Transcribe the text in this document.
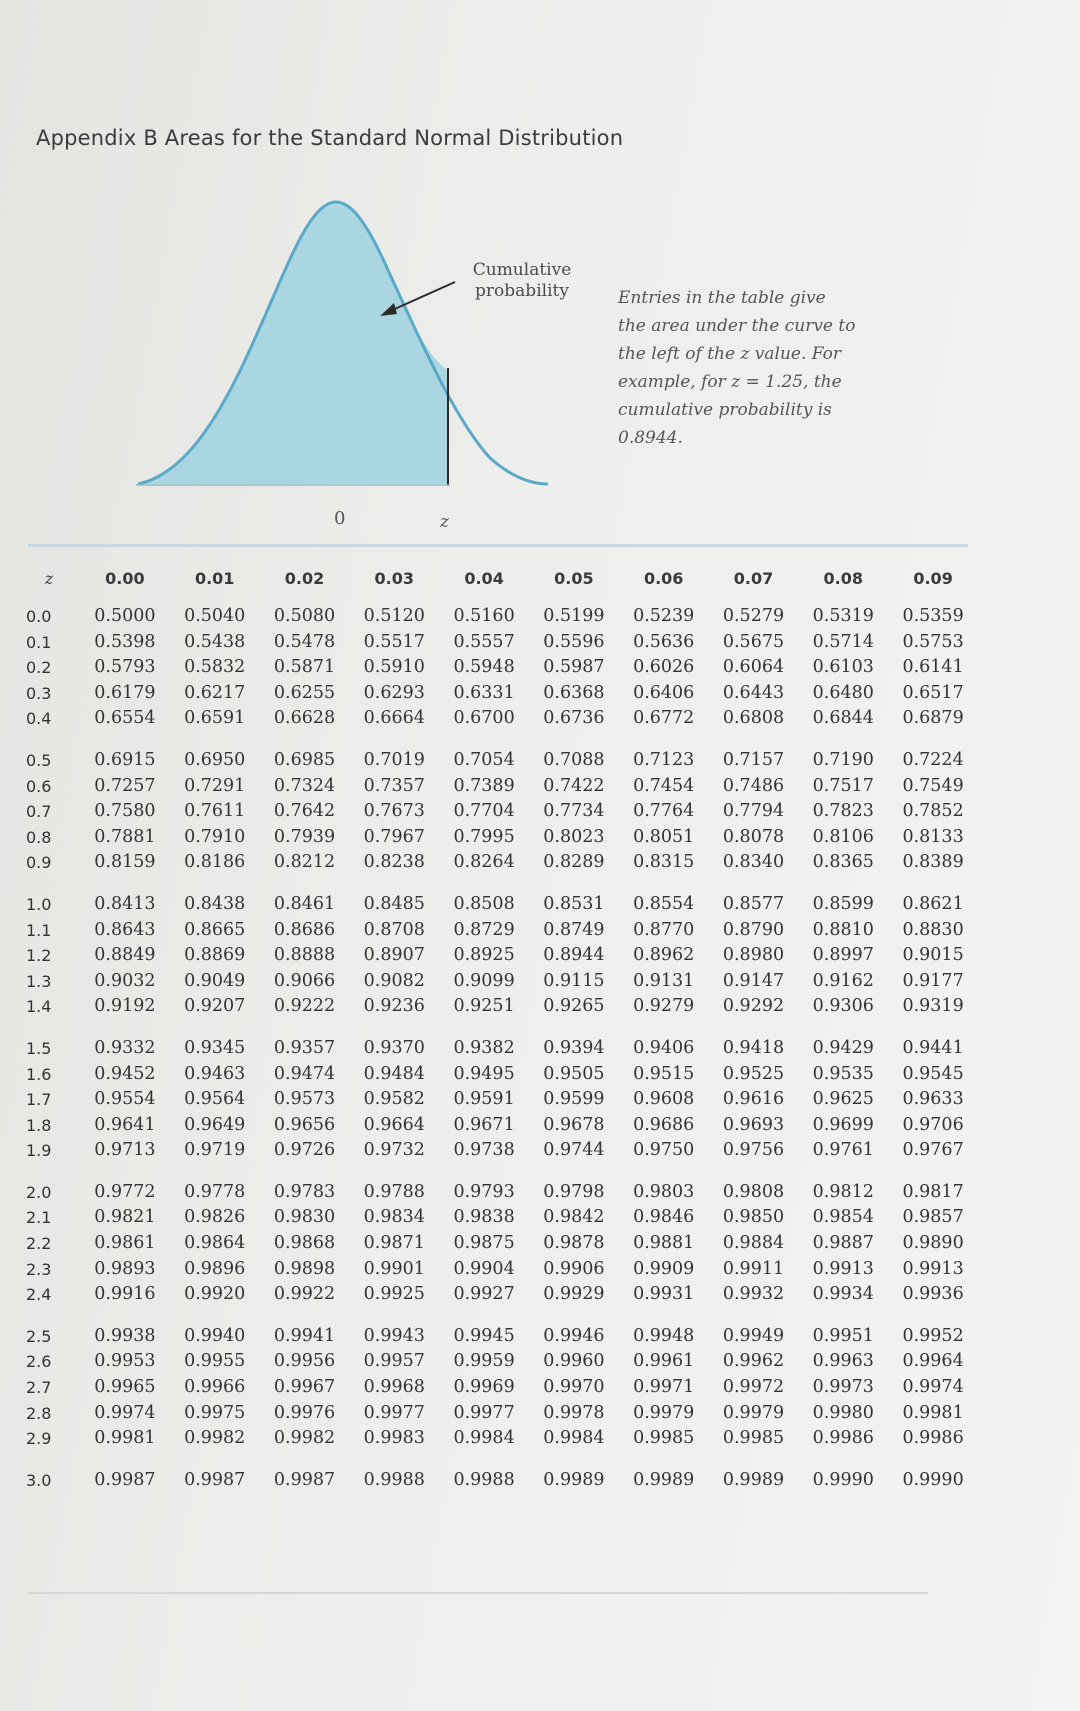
Appendix B Areas for the Standard Normal Distribution
Cumulative probability	Entries in the table give the area under the curve to the left of the z value. For example, for z = 1.25, the cumulative probability is 0.8944.
0	z
z	0.00	0.01	0.02	0.03	0.04	0.05	0.06	0.07	0.08	0.09
0.0	0.5000	0.5040	0.5080	0.5120	0.5160	0.5199	0.5239	0.5279	0.5319	0.5359
0.1	0.5398	0.5438	0.5478	0.5517	0.5557	0.5596	0.5636	0.5675	0.5714	0.5753
0.2	0.5793	0.5832	0.5871	0.5910	0.5948	0.5987	0.6026	0.6064	0.6103	0.6141
0.3	0.6179	0.6217	0.6255	0.6293	0.6331	0.6368	0.6406	0.6443	0.6480	0.6517
0.4	0.6554	0.6591	0.6628	0.6664	0.6700	0.6736	0.6772	0.6808	0.6844	0.6879

0.5	0.6915	0.6950	0.6985	0.7019	0.7054	0.7088	0.7123	0.7157	0.7190	0.7224
0.6	0.7257	0.7291	0.7324	0.7357	0.7389	0.7422	0.7454	0.7486	0.7517	0.7549
0.7	0.7580	0.7611	0.7642	0.7673	0.7704	0.7734	0.7764	0.7794	0.7823	0.7852
0.8	0.7881	0.7910	0.7939	0.7967	0.7995	0.8023	0.8051	0.8078	0.8106	0.8133
0.9	0.8159	0.8186	0.8212	0.8238	0.8264	0.8289	0.8315	0.8340	0.8365	0.8389

1.0	0.8413	0.8438	0.8461	0.8485	0.8508	0.8531	0.8554	0.8577	0.8599	0.8621
1.1	0.8643	0.8665	0.8686	0.8708	0.8729	0.8749	0.8770	0.8790	0.8810	0.8830
1.2	0.8849	0.8869	0.8888	0.8907	0.8925	0.8944	0.8962	0.8980	0.8997	0.9015
1.3	0.9032	0.9049	0.9066	0.9082	0.9099	0.9115	0.9131	0.9147	0.9162	0.9177
1.4	0.9192	0.9207	0.9222	0.9236	0.9251	0.9265	0.9279	0.9292	0.9306	0.9319

1.5	0.9332	0.9345	0.9357	0.9370	0.9382	0.9394	0.9406	0.9418	0.9429	0.9441
1.6	0.9452	0.9463	0.9474	0.9484	0.9495	0.9505	0.9515	0.9525	0.9535	0.9545
1.7	0.9554	0.9564	0.9573	0.9582	0.9591	0.9599	0.9608	0.9616	0.9625	0.9633
1.8	0.9641	0.9649	0.9656	0.9664	0.9671	0.9678	0.9686	0.9693	0.9699	0.9706
1.9	0.9713	0.9719	0.9726	0.9732	0.9738	0.9744	0.9750	0.9756	0.9761	0.9767

2.0	0.9772	0.9778	0.9783	0.9788	0.9793	0.9798	0.9803	0.9808	0.9812	0.9817
2.1	0.9821	0.9826	0.9830	0.9834	0.9838	0.9842	0.9846	0.9850	0.9854	0.9857
2.2	0.9861	0.9864	0.9868	0.9871	0.9875	0.9878	0.9881	0.9884	0.9887	0.9890
2.3	0.9893	0.9896	0.9898	0.9901	0.9904	0.9906	0.9909	0.9911	0.9913	0.9913
2.4	0.9916	0.9920	0.9922	0.9925	0.9927	0.9929	0.9931	0.9932	0.9934	0.9936

2.5	0.9938	0.9940	0.9941	0.9943	0.9945	0.9946	0.9948	0.9949	0.9951	0.9952
2.6	0.9953	0.9955	0.9956	0.9957	0.9959	0.9960	0.9961	0.9962	0.9963	0.9964
2.7	0.9965	0.9966	0.9967	0.9968	0.9969	0.9970	0.9971	0.9972	0.9973	0.9974
2.8	0.9974	0.9975	0.9976	0.9977	0.9977	0.9978	0.9979	0.9979	0.9980	0.9981
2.9	0.9981	0.9982	0.9982	0.9983	0.9984	0.9984	0.9985	0.9985	0.9986	0.9986

3.0	0.9987	0.9987	0.9987	0.9988	0.9988	0.9989	0.9989	0.9989	0.9990	0.9990
